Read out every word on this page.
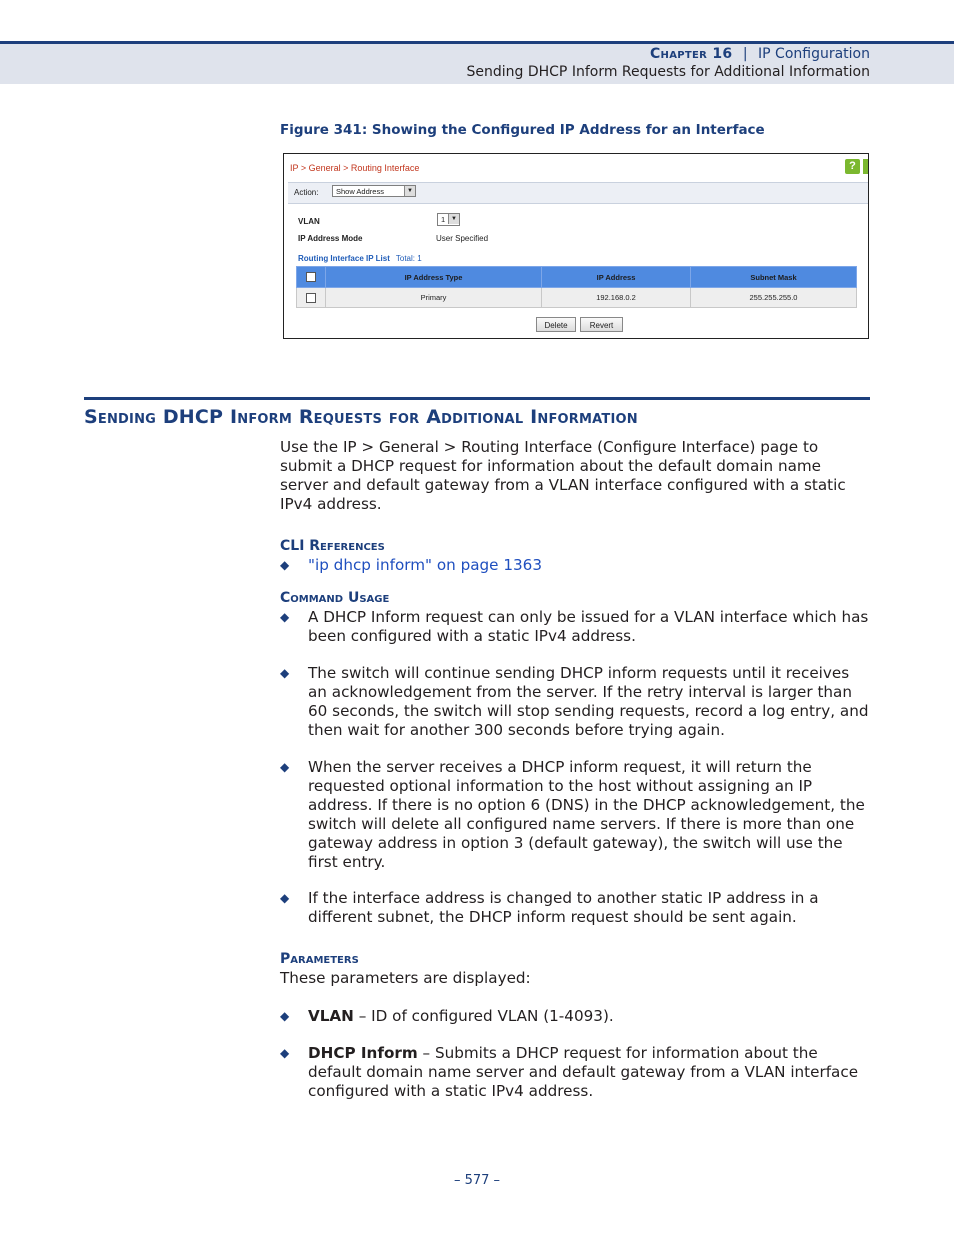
Chapter 16 | IP Configuration
Sending DHCP Inform Requests for Additional Information
Figure 341: Showing the Configured IP Address for an Interface
IP > General > Routing Interface	?
Action:	Show Address	▼
VLAN	1 ▼
IP Address Mode	User Specified
Routing Interface IP List Total: 1
	IP Address Type	IP Address	Subnet Mask
	Primary	192.168.0.2	255.255.255.0
Delete	Revert
Sending DHCP Inform Requests for Additional Information
Use the IP > General > Routing Interface (Configure Interface) page to submit a DHCP request for information about the default domain name server and default gateway from a VLAN interface configured with a static IPv4 address.
CLI References
◆ "ip dhcp inform" on page 1363
Command Usage
◆ A DHCP Inform request can only be issued for a VLAN interface which has been configured with a static IPv4 address.
◆ The switch will continue sending DHCP inform requests until it receives an acknowledgement from the server. If the retry interval is larger than 60 seconds, the switch will stop sending requests, record a log entry, and then wait for another 300 seconds before trying again.
◆ When the server receives a DHCP inform request, it will return the requested optional information to the host without assigning an IP address. If there is no option 6 (DNS) in the DHCP acknowledgement, the switch will delete all configured name servers. If there is more than one gateway address in option 3 (default gateway), the switch will use the first entry.
◆ If the interface address is changed to another static IP address in a different subnet, the DHCP inform request should be sent again.
Parameters
These parameters are displayed:
◆ VLAN – ID of configured VLAN (1-4093).
◆ DHCP Inform – Submits a DHCP request for information about the default domain name server and default gateway from a VLAN interface configured with a static IPv4 address.
– 577 –
